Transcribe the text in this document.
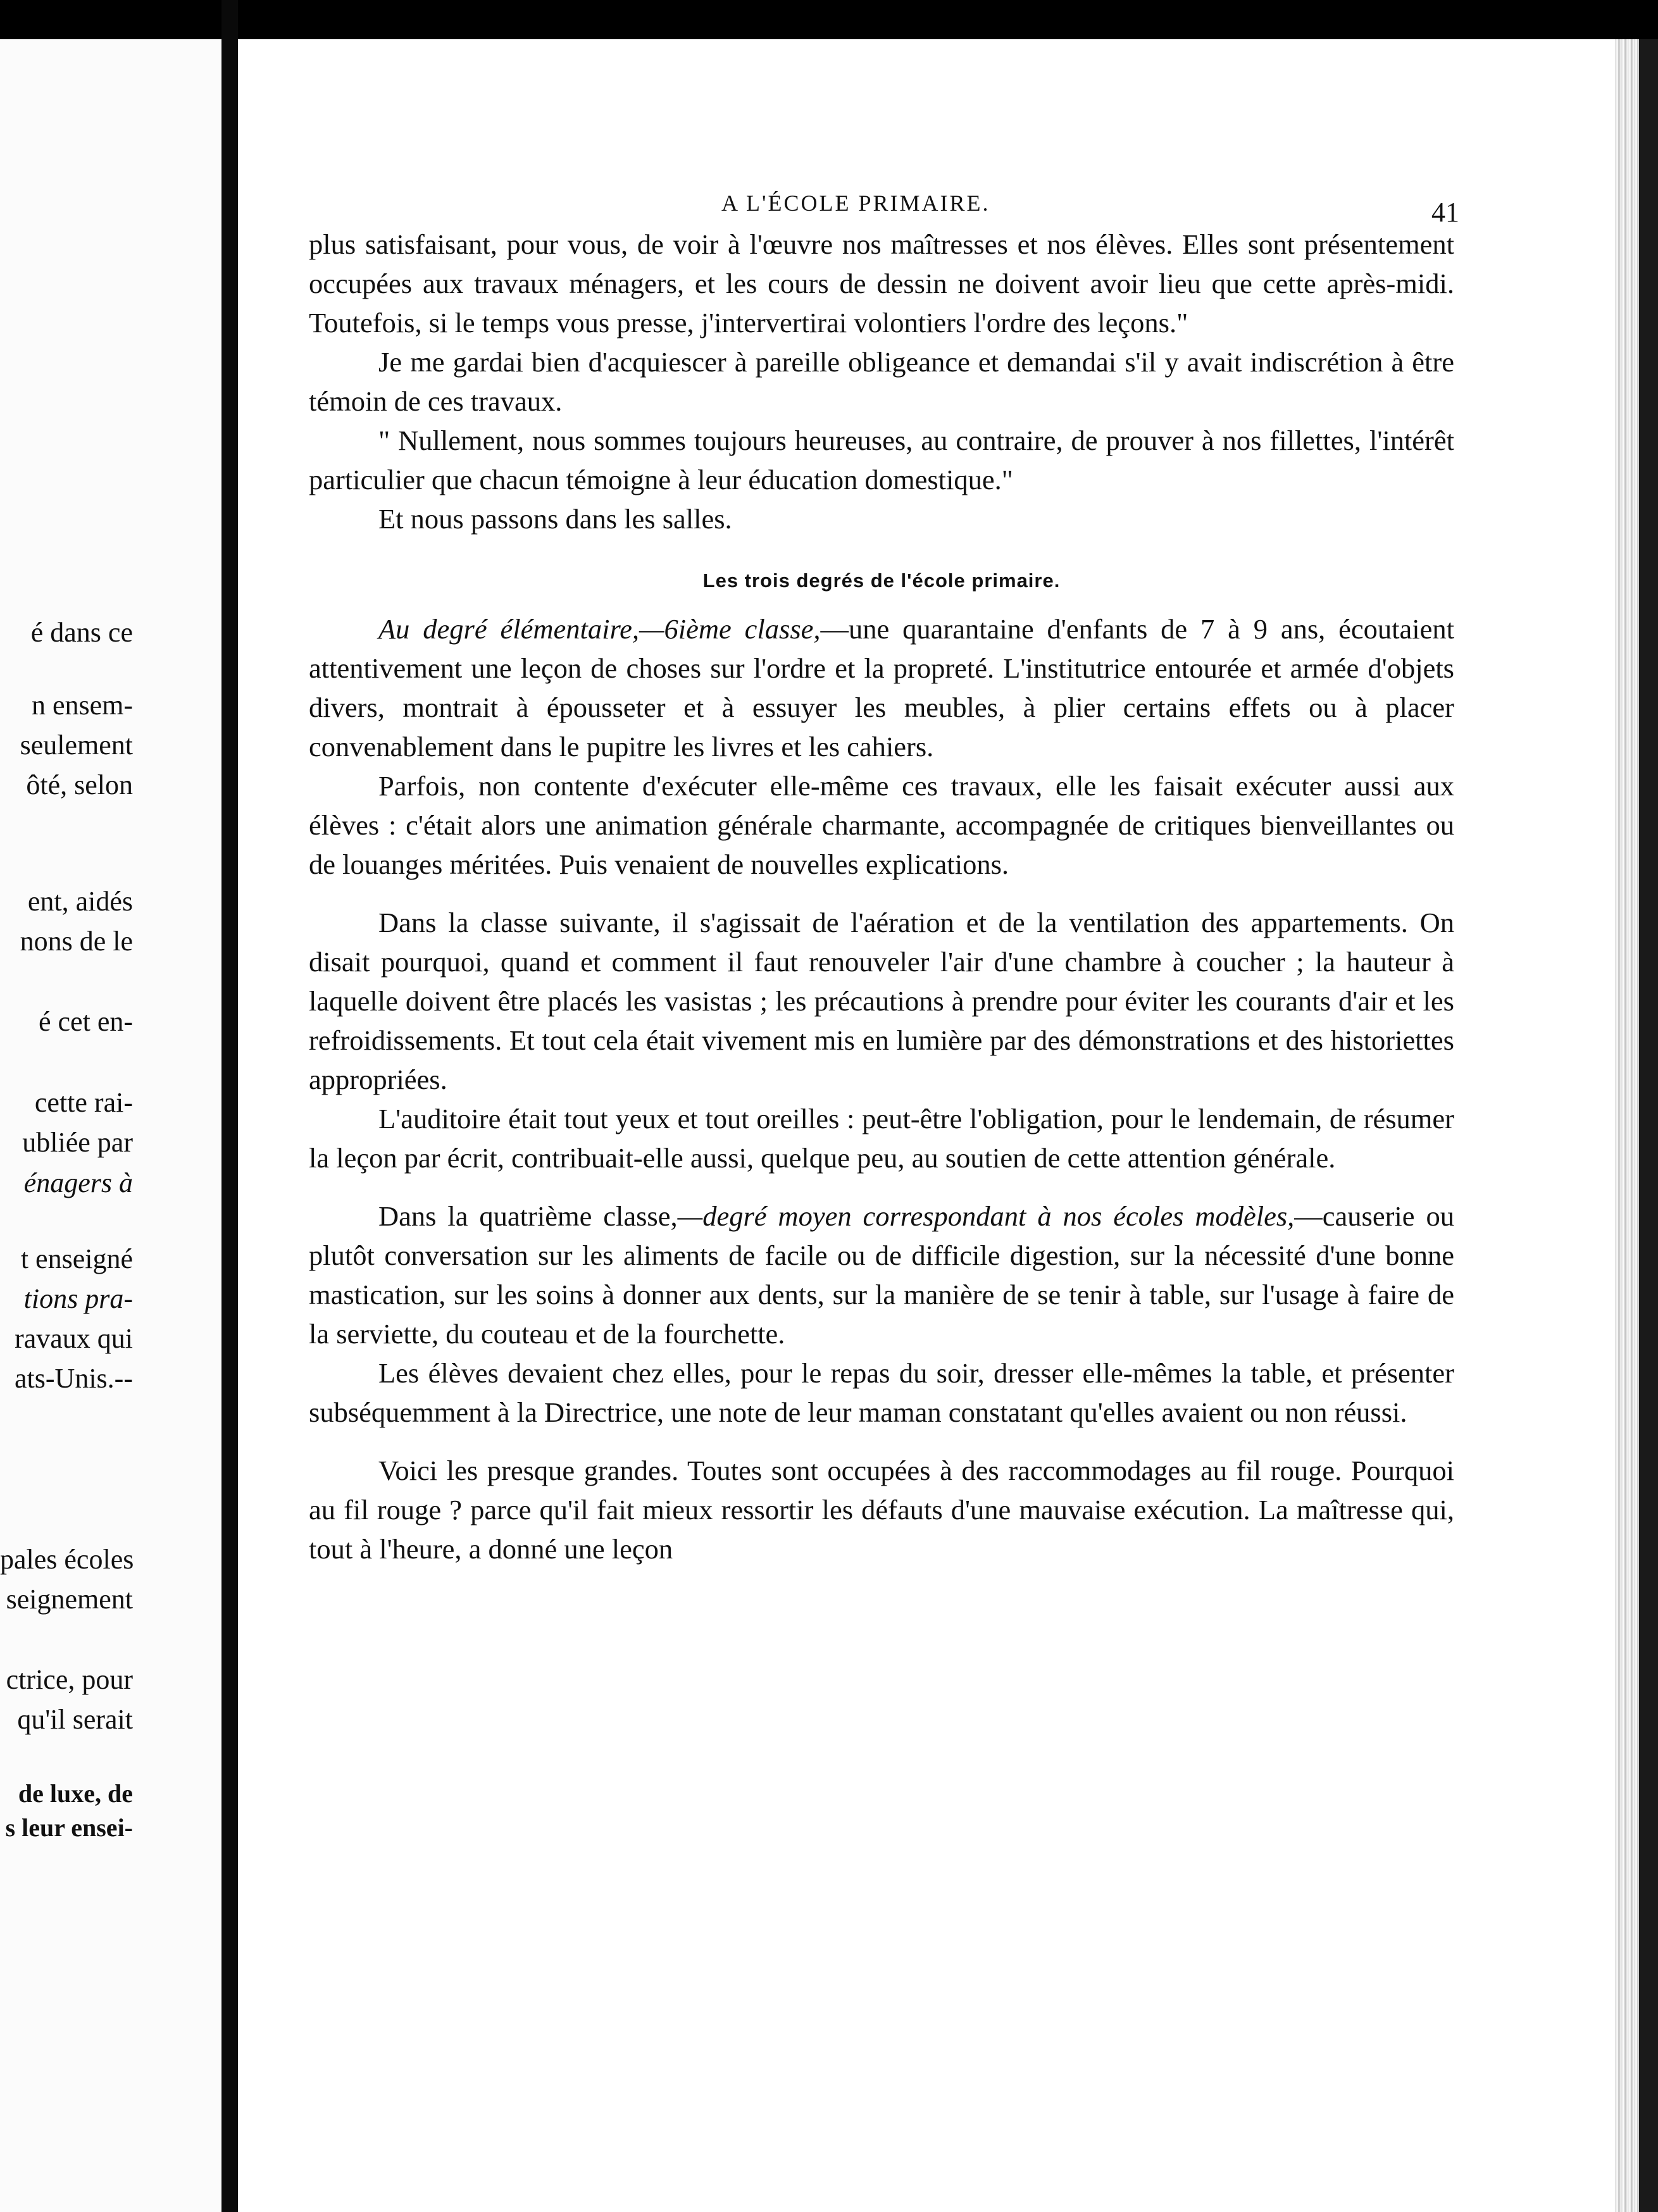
é dans ce
n ensem-
seulement
ôté, selon
ent, aidés
nons de le
é cet en-
cette rai-
ubliée par
énagers à
t enseigné
tions pra-
ravaux qui
ats-Unis.--
pales écoles
seignement
ctrice, pour
qu'il serait
de luxe, de
s leur ensei-
A L'ÉCOLE PRIMAIRE.	41

plus satisfaisant, pour vous, de voir à l'œuvre nos maîtresses et nos élèves. Elles sont présentement occupées aux travaux ménagers, et les cours de dessin ne doivent avoir lieu que cette après-midi. Toutefois, si le temps vous presse, j'intervertirai volontiers l'ordre des leçons."

Je me gardai bien d'acquiescer à pareille obligeance et demandai s'il y avait indiscrétion à être témoin de ces travaux.

" Nullement, nous sommes toujours heureuses, au contraire, de prouver à nos fillettes, l'intérêt particulier que chacun témoigne à leur éducation domestique."

Et nous passons dans les salles.

Les trois degrés de l'école primaire.

Au degré élémentaire,—6ième classe,—une quarantaine d'enfants de 7 à 9 ans, écoutaient attentivement une leçon de choses sur l'ordre et la propreté. L'institutrice entourée et armée d'objets divers, montrait à épousseter et à essuyer les meubles, à plier certains effets ou à placer convenablement dans le pupitre les livres et les cahiers.

Parfois, non contente d'exécuter elle-même ces travaux, elle les faisait exécuter aussi aux élèves : c'était alors une animation générale charmante, accompagnée de critiques bienveillantes ou de louanges méritées. Puis venaient de nouvelles explications.

Dans la classe suivante, il s'agissait de l'aération et de la ventilation des appartements. On disait pourquoi, quand et comment il faut renouveler l'air d'une chambre à coucher ; la hauteur à laquelle doivent être placés les vasistas ; les précautions à prendre pour éviter les courants d'air et les refroidissements. Et tout cela était vivement mis en lumière par des démonstrations et des historiettes appropriées.

L'auditoire était tout yeux et tout oreilles : peut-être l'obligation, pour le lendemain, de résumer la leçon par écrit, contribuait-elle aussi, quelque peu, au soutien de cette attention générale.

Dans la quatrième classe,—degré moyen correspondant à nos écoles modèles,—causerie ou plutôt conversation sur les aliments de facile ou de difficile digestion, sur la nécessité d'une bonne mastication, sur les soins à donner aux dents, sur la manière de se tenir à table, sur l'usage à faire de la serviette, du couteau et de la fourchette.

Les élèves devaient chez elles, pour le repas du soir, dresser elle-mêmes la table, et présenter subséquemment à la Directrice, une note de leur maman constatant qu'elles avaient ou non réussi.

Voici les presque grandes. Toutes sont occupées à des raccommodages au fil rouge. Pourquoi au fil rouge ? parce qu'il fait mieux ressortir les défauts d'une mauvaise exécution. La maîtresse qui, tout à l'heure, a donné une leçon
